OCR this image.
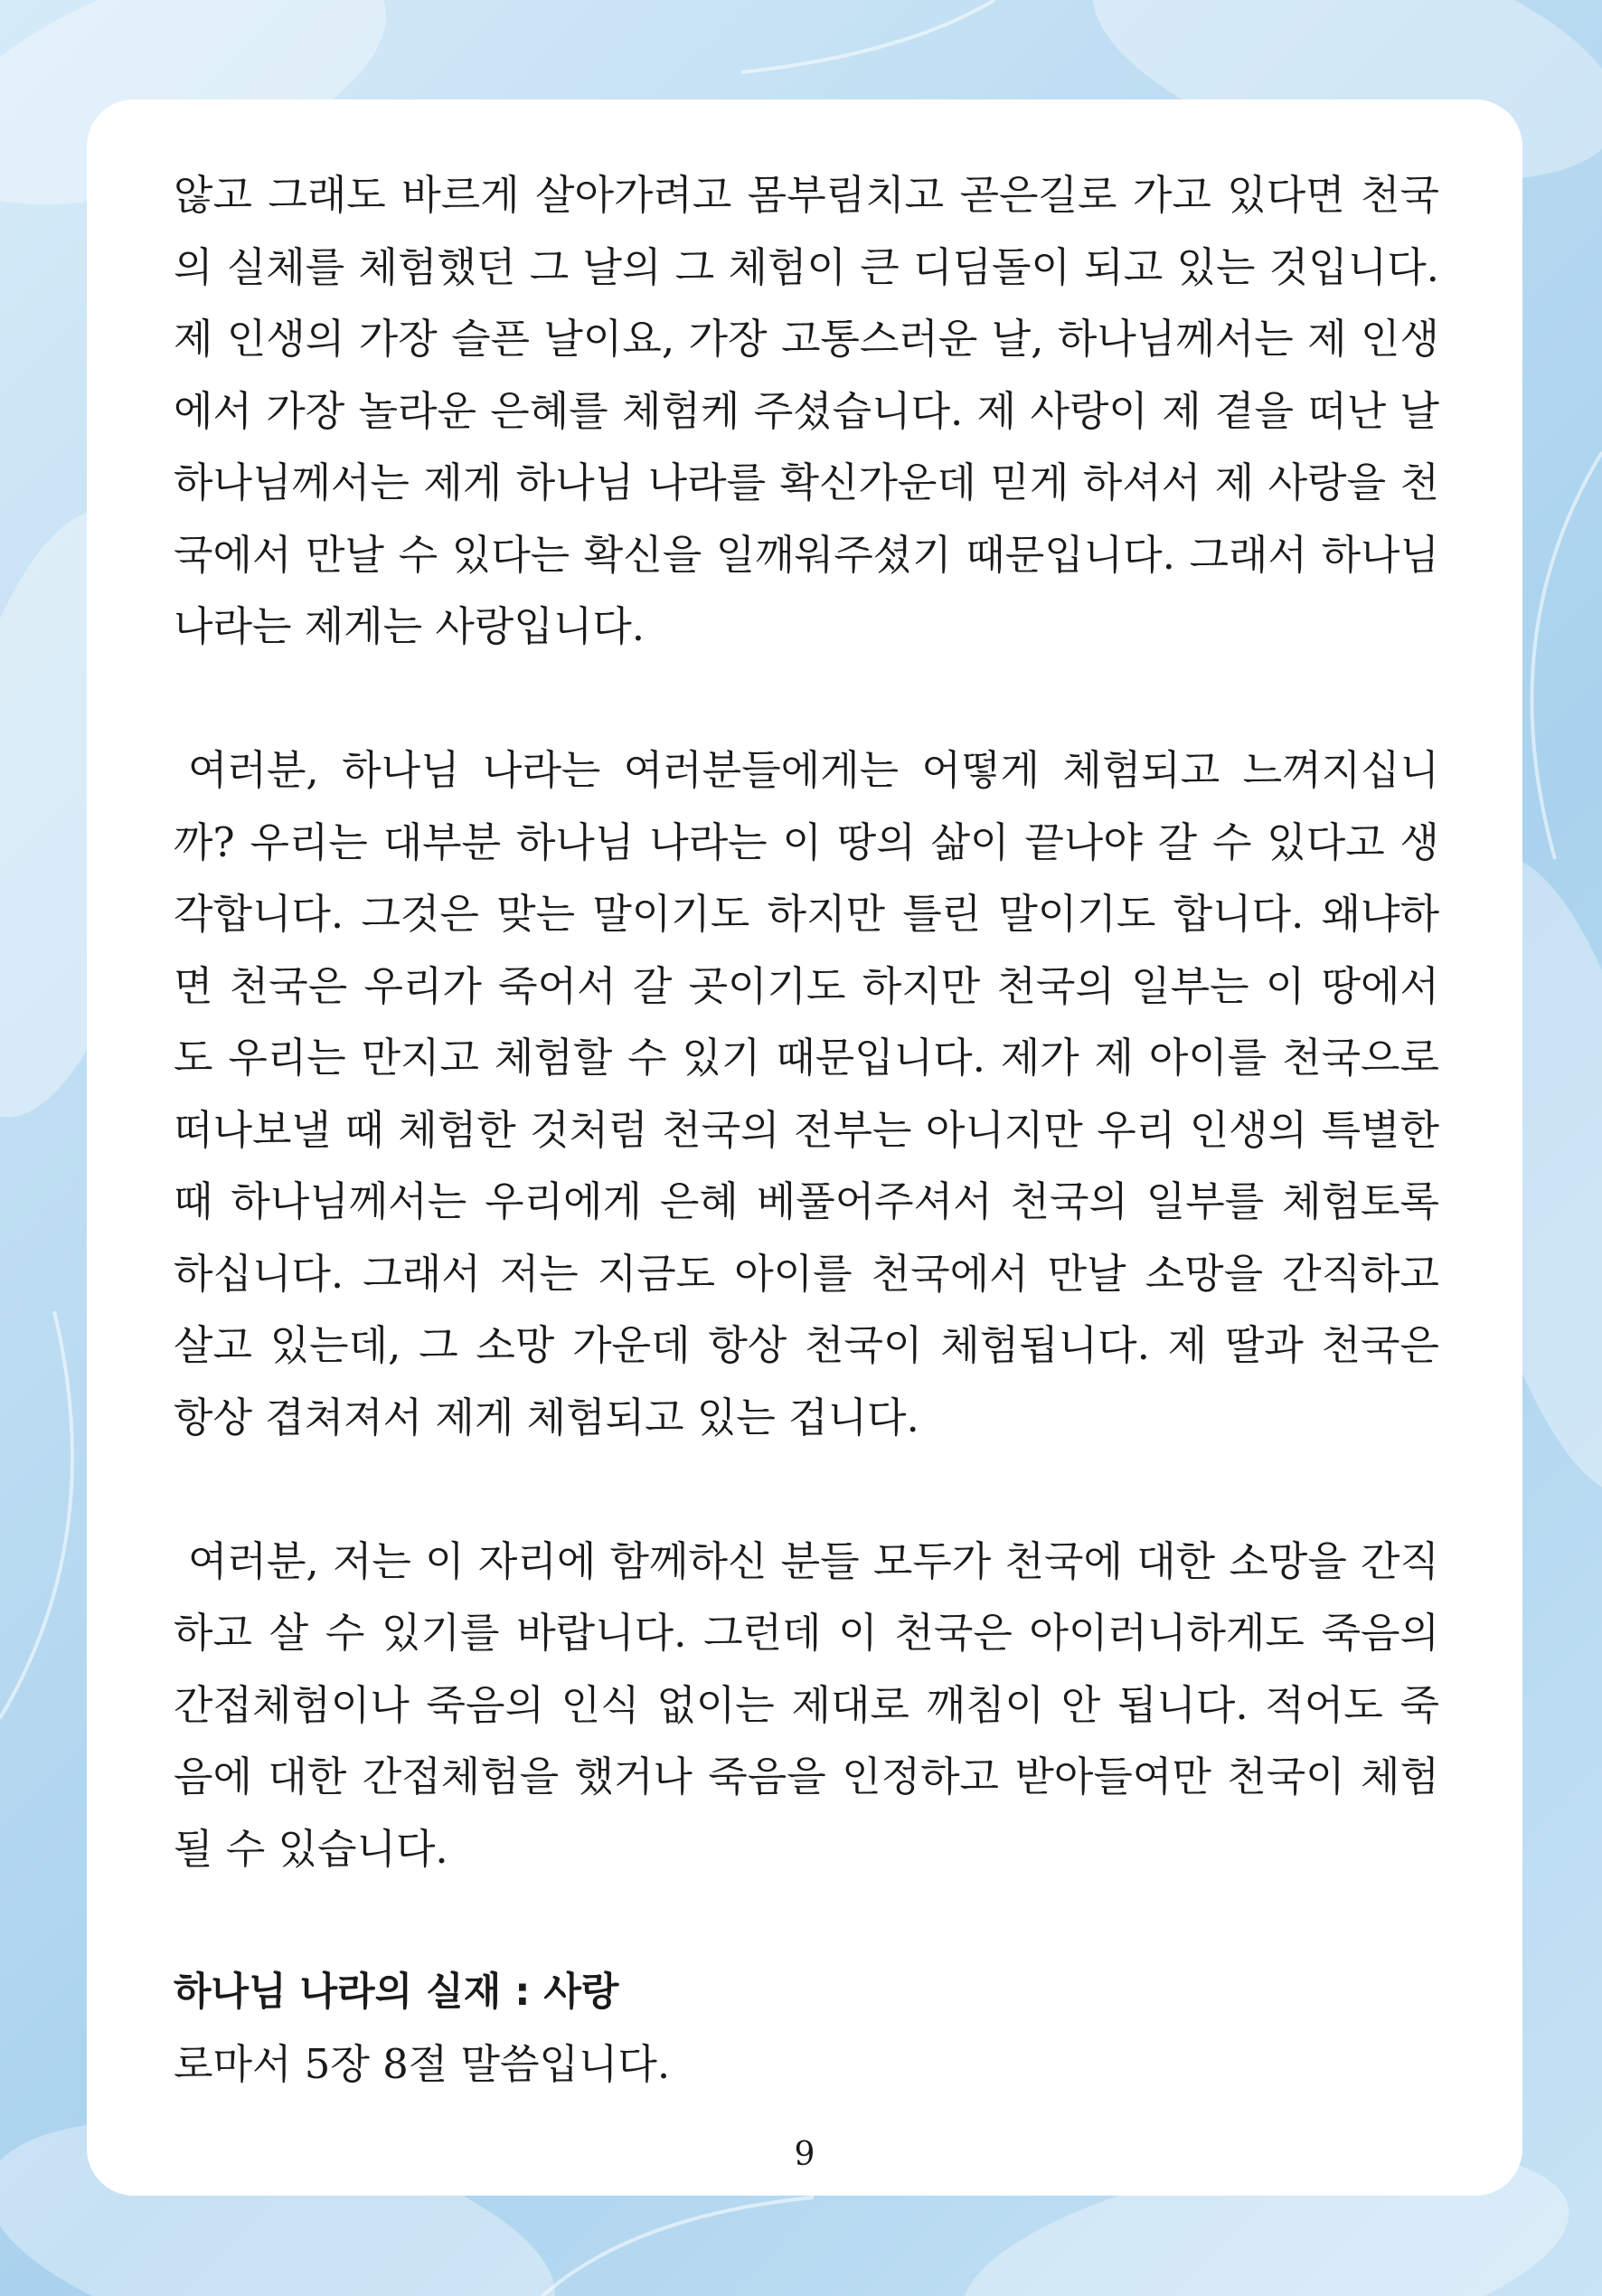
않고 그래도 바르게 살아가려고 몸부림치고 곧은길로 가고 있다면 천국의 실체를 체험했던 그 날의 그 체험이 큰 디딤돌이 되고 있는 것입니다. 제 인생의 가장 슬픈 날이요, 가장 고통스러운 날, 하나님께서는 제 인생에서 가장 놀라운 은혜를 체험케 주셨습니다. 제 사랑이 제 곁을 떠난 날 하나님께서는 제게 하나님 나라를 확신가운데 믿게 하셔서 제 사랑을 천국에서 만날 수 있다는 확신을 일깨워주셨기 때문입니다. 그래서 하나님 나라는 제게는 사랑입니다.

여러분, 하나님 나라는 여러분들에게는 어떻게 체험되고 느껴지십니까? 우리는 대부분 하나님 나라는 이 땅의 삶이 끝나야 갈 수 있다고 생각합니다. 그것은 맞는 말이기도 하지만 틀린 말이기도 합니다. 왜냐하면 천국은 우리가 죽어서 갈 곳이기도 하지만 천국의 일부는 이 땅에서도 우리는 만지고 체험할 수 있기 때문입니다. 제가 제 아이를 천국으로 떠나보낼 때 체험한 것처럼 천국의 전부는 아니지만 우리 인생의 특별한 때 하나님께서는 우리에게 은혜 베풀어주셔서 천국의 일부를 체험토록 하십니다. 그래서 저는 지금도 아이를 천국에서 만날 소망을 간직하고 살고 있는데, 그 소망 가운데 항상 천국이 체험됩니다. 제 딸과 천국은 항상 겹쳐져서 제게 체험되고 있는 겁니다.

여러분, 저는 이 자리에 함께하신 분들 모두가 천국에 대한 소망을 간직하고 살 수 있기를 바랍니다. 그런데 이 천국은 아이러니하게도 죽음의 간접체험이나 죽음의 인식 없이는 제대로 깨침이 안 됩니다. 적어도 죽음에 대한 간접체험을 했거나 죽음을 인정하고 받아들여만 천국이 체험될 수 있습니다.

하나님 나라의 실재 : 사랑

로마서 5장 8절 말씀입니다.

9
